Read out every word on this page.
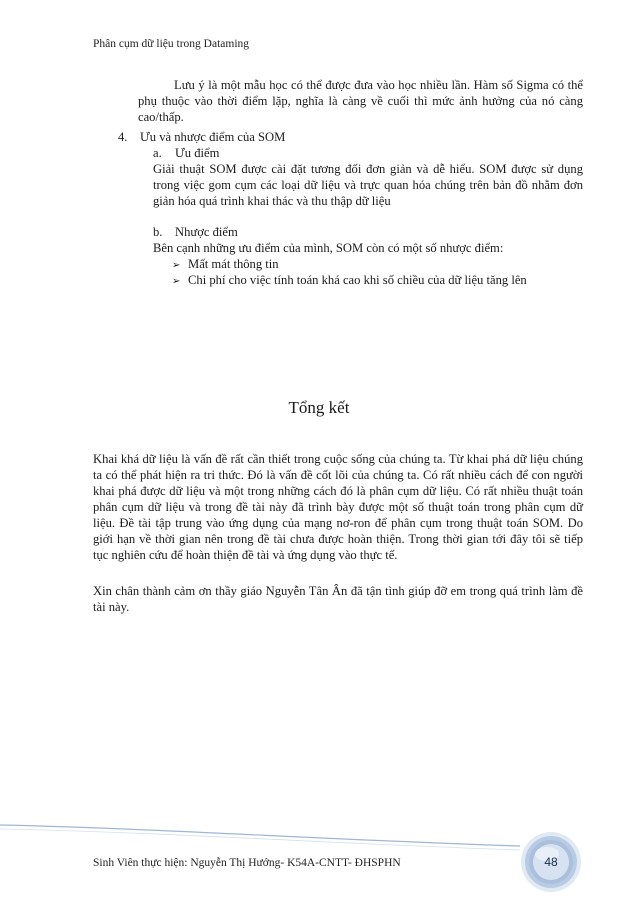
Phân cụm dữ liệu trong Dataming

Lưu ý là một mẫu học có thể được đưa vào học nhiều lần. Hàm số Sigma có thể phụ thuộc vào thời điểm lặp, nghĩa là càng về cuối thì mức ảnh hưởng của nó càng cao/thấp.

4. Ưu và nhược điểm của SOM
a. Ưu điểm

Giải thuật SOM được cài đặt tương đối đơn giản và dễ hiểu. SOM được sử dụng trong việc gom cụm các loại dữ liệu và trực quan hóa chúng trên bản đồ nhằm đơn giản hóa quá trình khai thác và thu thập dữ liệu

b. Nhược điểm

Bên cạnh những ưu điểm của mình, SOM còn có một số nhược điểm:

➢ Mất mát thông tin
➢ Chi phí cho việc tính toán khá cao khi số chiều của dữ liệu tăng lên
Tổng kết

Khai khá dữ liệu là vấn đề rất cần thiết trong cuộc sống của chúng ta. Từ khai phá dữ liệu chúng ta có thể phát hiện ra tri thức. Đó là vấn đề cốt lõi của chúng ta. Có rất nhiều cách để con người khai phá được dữ liệu và một trong những cách đó là phân cụm dữ liệu. Có rất nhiều thuật toán phân cụm dữ liệu và trong đề tài này đã trình bày được một số thuật toán trong phân cụm dữ liệu. Đề tài tập trung vào ứng dụng của mạng nơ-ron để phân cụm trong thuật toán SOM. Do giới hạn về thời gian nên trong đề tài chưa được hoàn thiện. Trong thời gian tới đây tôi sẽ tiếp tục nghiên cứu để hoàn thiện đề tài và ứng dụng vào thực tế.

Xin chân thành cảm ơn thầy giáo Nguyễn Tân Ân đã tận tình giúp đỡ em trong quá trình làm đề tài này.

48
Sinh Viên thực hiện: Nguyễn Thị Hướng- K54A-CNTT- ĐHSPHN
